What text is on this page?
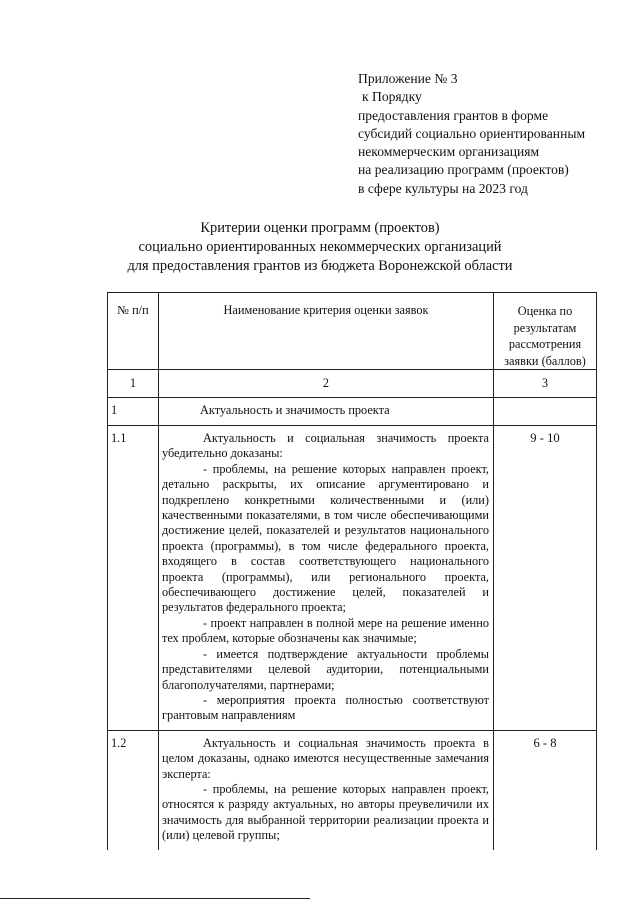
Приложение № 3
к Порядку
предоставления грантов в форме
субсидий социально ориентированным
некоммерческим организациям
на реализацию программ (проектов)
в сфере культуры на 2023 год
Критерии оценки программ (проектов)
социально ориентированных некоммерческих организаций
для предоставления грантов из бюджета Воронежской области
№ п/п	Наименование критерия оценки заявок	Оценка по
результатам
рассмотрения
заявки (баллов)

1	2	3
1	Актуальность и значимость проекта	
1.1	Актуальность и социальная значимость проекта убедительно доказаны:

- проблемы, на решение которых направлен проект, детально раскрыты, их описание аргументировано и подкреплено конкретными количественными и (или) качественными показателями, в том числе обеспечивающими достижение целей, показателей и результатов национального проекта (программы), в том числе федерального проекта, входящего в состав соответствующего национального проекта (программы), или регионального проекта, обеспечивающего достижение целей, показателей и результатов федерального проекта;

- проект направлен в полной мере на решение именно тех проблем, которые обозначены как значимые;

- имеется подтверждение актуальности проблемы представителями целевой аудитории, потенциальными благополучателями, партнерами;

- мероприятия проекта полностью соответствуют грантовым направлениям	9 - 10
1.2	Актуальность и социальная значимость проекта в целом доказаны, однако имеются несущественные замечания эксперта:

- проблемы, на решение которых направлен проект, относятся к разряду актуальных, но авторы преувеличили их значимость для выбранной территории реализации проекта и (или) целевой группы;	6 - 8
